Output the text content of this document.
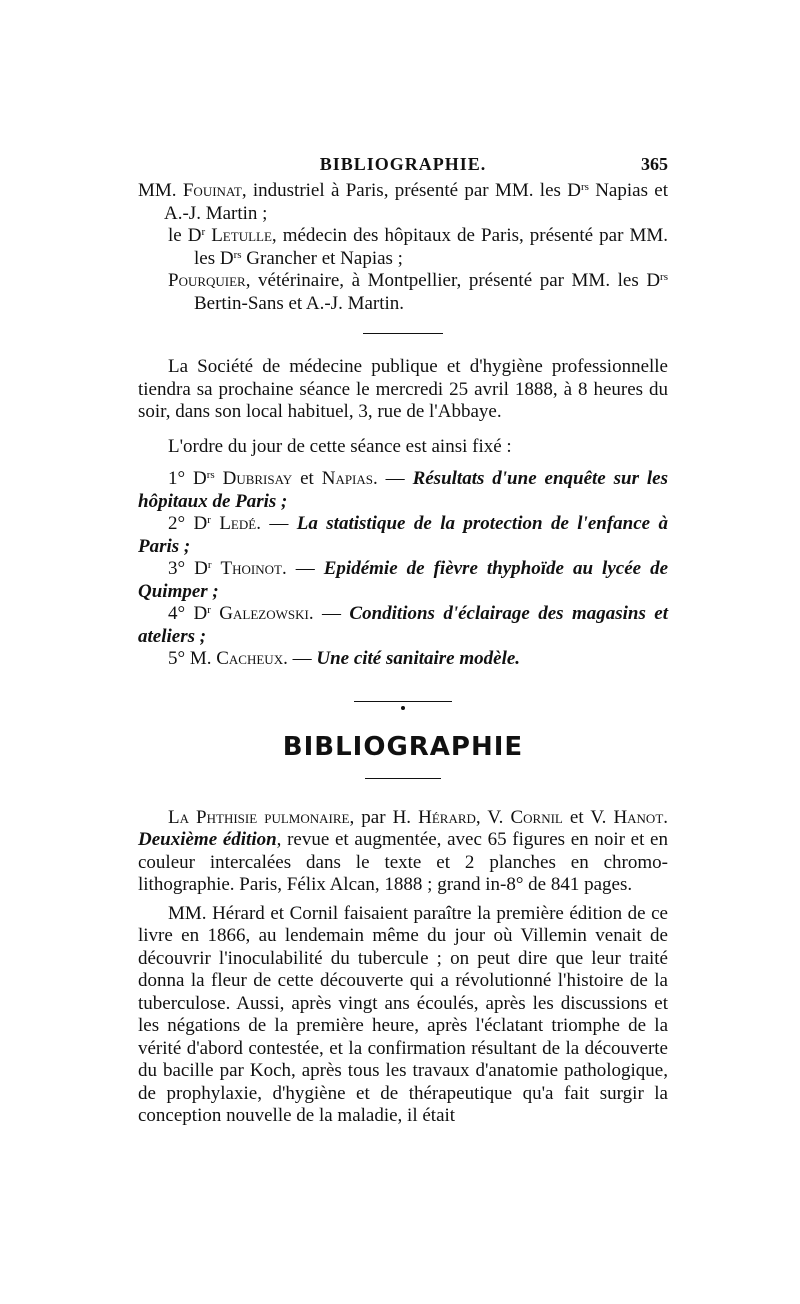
BIBLIOGRAPHIE.	365

MM. Fouinat, industriel à Paris, présenté par MM. les $D^{rs}$ Napias et A.-J. Martin ;

le $D^r$ Letulle, médecin des hôpitaux de Paris, présenté par MM. les $D^{rs}$ Grancher et Napias ;

Pourquier, vétérinaire, à Montpellier, présenté par MM. les $D^{rs}$ Bertin-Sans et A.-J. Martin.

La Société de médecine publique et d'hygiène professionnelle tiendra sa prochaine séance le mercredi 25 avril 1888, à 8 heures du soir, dans son local habituel, 3, rue de l'Abbaye.

L'ordre du jour de cette séance est ainsi fixé :

1° $D^{rs}$ Dubrisay et Napias. — Résultats d'une enquête sur les hôpitaux de Paris ;

2° $D^r$ Ledé. — La statistique de la protection de l'enfance à Paris ;

3° $D^r$ Thoinot. — Epidémie de fièvre thyphoïde au lycée de Quimper ;

4° $D^r$ Galezowski. — Conditions d'éclairage des magasins et ateliers ;

5° M. Cacheux. — Une cité sanitaire modèle.

BIBLIOGRAPHIE

La Phthisie pulmonaire, par H. Hérard, V. Cornil et V. Hanot. Deuxième édition, revue et augmentée, avec 65 figures en noir et en couleur intercalées dans le texte et 2 planches en chromo-lithographie. Paris, Félix Alcan, 1888 ; grand in-8° de 841 pages.

MM. Hérard et Cornil faisaient paraître la première édition de ce livre en 1866, au lendemain même du jour où Villemin venait de découvrir l'inoculabilité du tubercule ; on peut dire que leur traité donna la fleur de cette découverte qui a révolutionné l'histoire de la tuberculose. Aussi, après vingt ans écoulés, après les discussions et les négations de la première heure, après l'éclatant triomphe de la vérité d'abord contestée, et la confirmation résultant de la découverte du bacille par Koch, après tous les travaux d'anatomie pathologique, de prophylaxie, d'hygiène et de thérapeutique qu'a fait surgir la conception nouvelle de la maladie, il était
